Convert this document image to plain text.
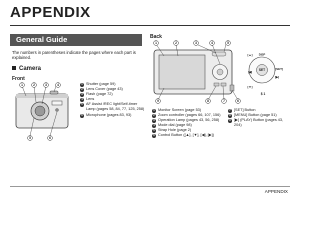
APPENDIX
General Guide
The numbers in parentheses indicate the pages where each part is explained.
Camera
Front
Back
1	2	3	4
5	6
1 Shutter (page 59)
2 Lens Cover (page 43)
3 Flash (page 72)
4 Lens
5 AF Assist /REC light/Self-timer Lamp (pages 58, 84, 77, 125, 258)
6 Microphone (pages 83, 93)
SET
DISP
[▲]
[◀]
[▼]
[▶]
[SET]
$ 1
1	2	3	4	5
9	8	7	6
1 Monitor Screen (page 53)
2 Zoom controller (pages 66, 107, 156)
3 Operation Lamp (pages 43, 56, 258)
4 Mode dial (page 98)
5 Strap Hole (page 2)
6 Control Button ([▲], [▼], [◀], [▶])
7 [SET] Button
8 [MENU] Button (page 51)
9 [▶] (PLAY) Button (pages 43, 204)
APPENDIX
